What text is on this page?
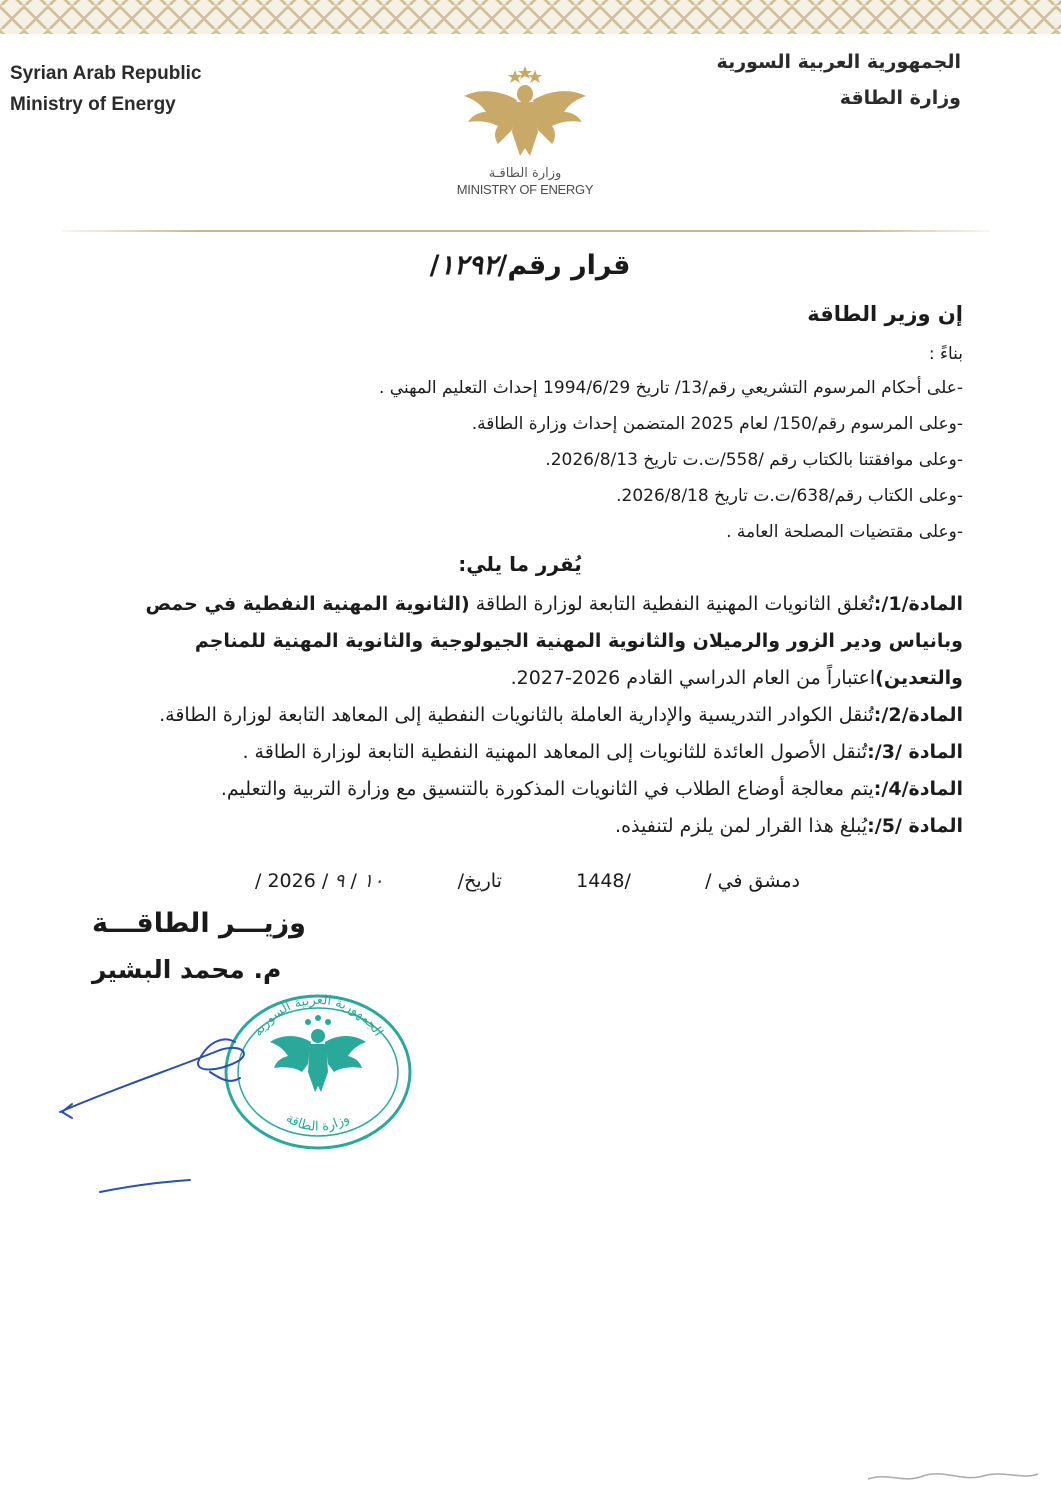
Syrian Arab Republic
Ministry of Energy
الجمهورية العربية السورية
وزارة الطاقة
وزارة الطاقـة
MINISTRY OF ENERGY
قرار رقم/١٢٩٢/
إن وزير الطاقة
بناءً :
-على أحكام المرسوم التشريعي رقم/13/ تاريخ 1994/6/29 إحداث التعليم المهني .
-وعلى المرسوم رقم/150/ لعام 2025 المتضمن إحداث وزارة الطاقة.
-وعلى موافقتنا بالكتاب رقم /558/ت.ت تاريخ 2026/8/13.
-وعلى الكتاب رقم/638/ت.ت تاريخ 2026/8/18.
-وعلى مقتضيات المصلحة العامة .
يُقرر ما يلي:
المادة/1/:تُغلق الثانويات المهنية النفطية التابعة لوزارة الطاقة (الثانوية المهنية النفطية في حمص وبانياس ودير الزور والرميلان والثانوية المهنية الجيولوجية والثانوية المهنية للمناجم والتعدين)اعتباراً من العام الدراسي القادم 2026-2027.
المادة/2/:تُنقل الكوادر التدريسية والإدارية العاملة بالثانويات النفطية إلى المعاهد التابعة لوزارة الطاقة.
المادة /3/:تُنقل الأصول العائدة للثانويات إلى المعاهد المهنية النفطية التابعة لوزارة الطاقة .
المادة/4/:يتم معالجة أوضاع الطلاب في الثانويات المذكورة بالتنسيق مع وزارة التربية والتعليم.
المادة /5/:يُبلغ هذا القرار لمن يلزم لتنفيذه.
دمشق في /
/1448
تاريخ/
١٠ / ٩ / 2026 /
وزيـــر الطاقـــة
م. محمد البشير
الجمهورية العربية السورية
وزارة الطاقة
